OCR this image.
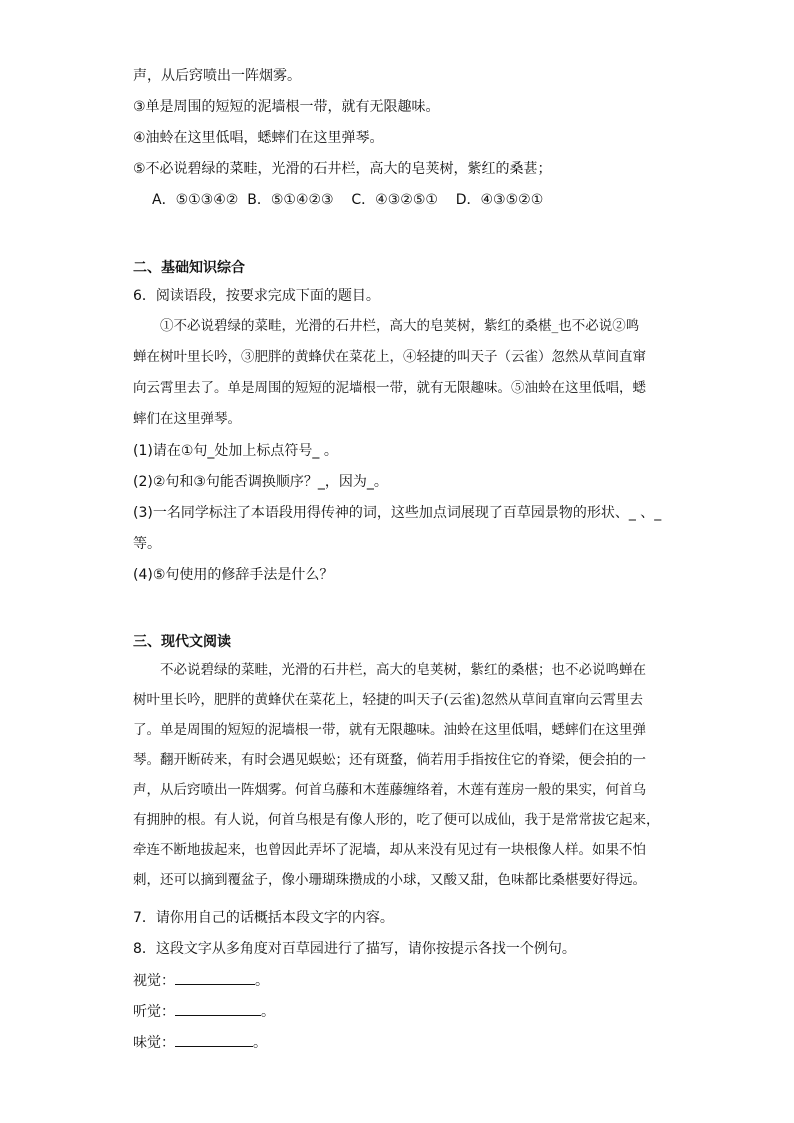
声，从后窍喷出一阵烟雾。
③单是周围的短短的泥墙根一带，就有无限趣味。
④油蛉在这里低唱，蟋蟀们在这里弹琴。
⑤不必说碧绿的菜畦，光滑的石井栏，高大的皂荚树，紫红的桑葚；
A．⑤①③④②  B．⑤①④②③    C．④③②⑤①    D．④③⑤②①
二、基础知识综合
6．阅读语段，按要求完成下面的题目。
①不必说碧绿的菜畦，光滑的石井栏，高大的皂荚树，紫红的桑椹_也不必说②鸣
蝉在树叶里长吟，③肥胖的黄蜂伏在菜花上，④轻捷的叫天子（云雀）忽然从草间直窜
向云霄里去了。单是周围的短短的泥墙根一带，就有无限趣味。⑤油蛉在这里低唱，蟋
蟀们在这里弹琴。
(1)请在①句_处加上标点符号_ 。
(2)②句和③句能否调换顺序？_，因为_。
(3)一名同学标注了本语段用得传神的词，这些加点词展现了百草园景物的形状、_ 、_
等。
(4)⑤句使用的修辞手法是什么？
三、现代文阅读
不必说碧绿的菜畦，光滑的石井栏，高大的皂荚树，紫红的桑椹；也不必说鸣蝉在
树叶里长吟，肥胖的黄蜂伏在菜花上，轻捷的叫天子(云雀)忽然从草间直窜向云霄里去
了。单是周围的短短的泥墙根一带，就有无限趣味。油蛉在这里低唱，蟋蟀们在这里弹
琴。翻开断砖来，有时会遇见蜈蚣；还有斑蝥，倘若用手指按住它的脊梁，便会拍的一
声，从后窍喷出一阵烟雾。何首乌藤和木莲藤缠络着，木莲有莲房一般的果实，何首乌
有拥肿的根。有人说，何首乌根是有像人形的，吃了便可以成仙，我于是常常拔它起来，
牵连不断地拔起来，也曾因此弄坏了泥墙，却从来没有见过有一块根像人样。如果不怕
刺，还可以摘到覆盆子，像小珊瑚珠攒成的小球，又酸又甜，色味都比桑椹要好得远。
7．请你用自己的话概括本段文字的内容。
8．这段文字从多角度对百草园进行了描写，请你按提示各找一个例句。
视觉：	。
听觉：	。
味觉：	。
